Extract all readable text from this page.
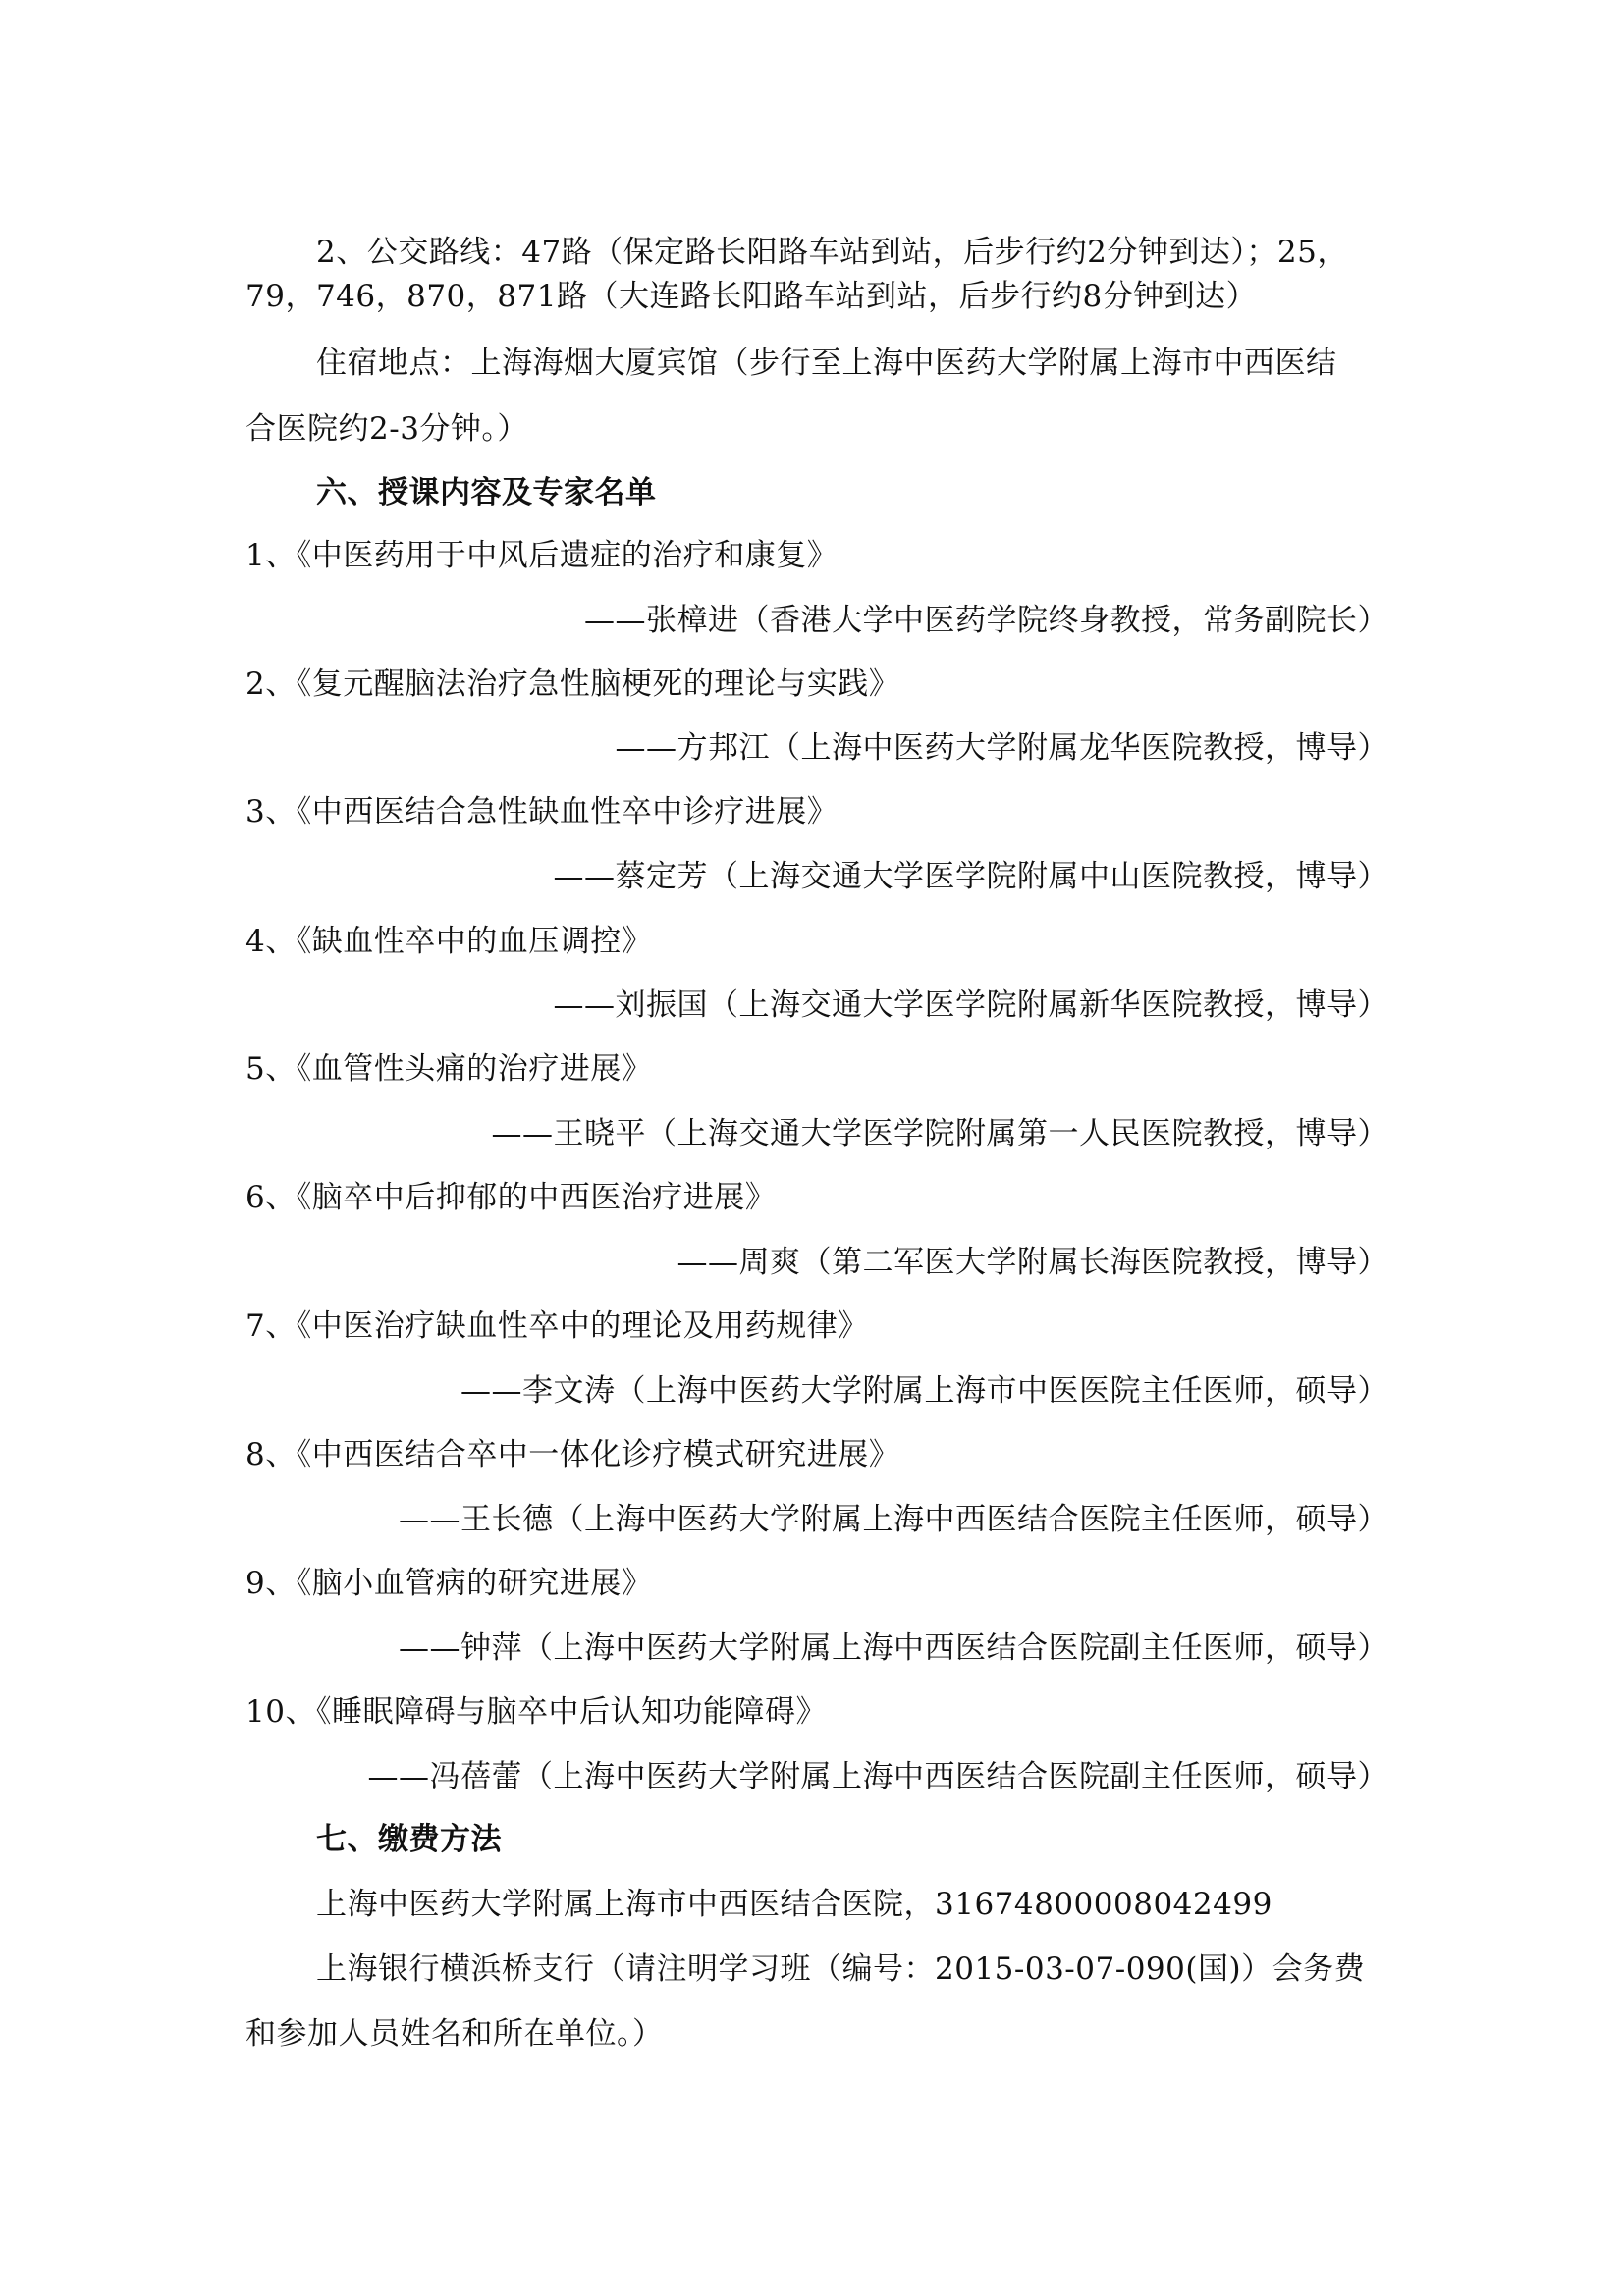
2、公交路线：47路（保定路长阳路车站到站，后步行约2分钟到达）；25，
79，746，870，871路（大连路长阳路车站到站，后步行约8分钟到达）
住宿地点：上海海烟大厦宾馆（步行至上海中医药大学附属上海市中西医结
合医院约2-3分钟。）
六、授课内容及专家名单
1、《中医药用于中风后遗症的治疗和康复》
——张樟进（香港大学中医药学院终身教授，常务副院长）
2、《复元醒脑法治疗急性脑梗死的理论与实践》
——方邦江（上海中医药大学附属龙华医院教授，博导）
3、《中西医结合急性缺血性卒中诊疗进展》
——蔡定芳（上海交通大学医学院附属中山医院教授，博导）
4、《缺血性卒中的血压调控》
——刘振国（上海交通大学医学院附属新华医院教授，博导）
5、《血管性头痛的治疗进展》
——王晓平（上海交通大学医学院附属第一人民医院教授，博导）
6、《脑卒中后抑郁的中西医治疗进展》
——周爽（第二军医大学附属长海医院教授，博导）
7、《中医治疗缺血性卒中的理论及用药规律》
——李文涛（上海中医药大学附属上海市中医医院主任医师，硕导）
8、《中西医结合卒中一体化诊疗模式研究进展》
——王长德（上海中医药大学附属上海中西医结合医院主任医师，硕导）
9、《脑小血管病的研究进展》
——钟萍（上海中医药大学附属上海中西医结合医院副主任医师，硕导）
10、《睡眠障碍与脑卒中后认知功能障碍》
——冯蓓蕾（上海中医药大学附属上海中西医结合医院副主任医师，硕导）
七、缴费方法
上海中医药大学附属上海市中西医结合医院，31674800008042499
上海银行横浜桥支行（请注明学习班（编号：2015-03-07-090(国)）会务费
和参加人员姓名和所在单位。）
